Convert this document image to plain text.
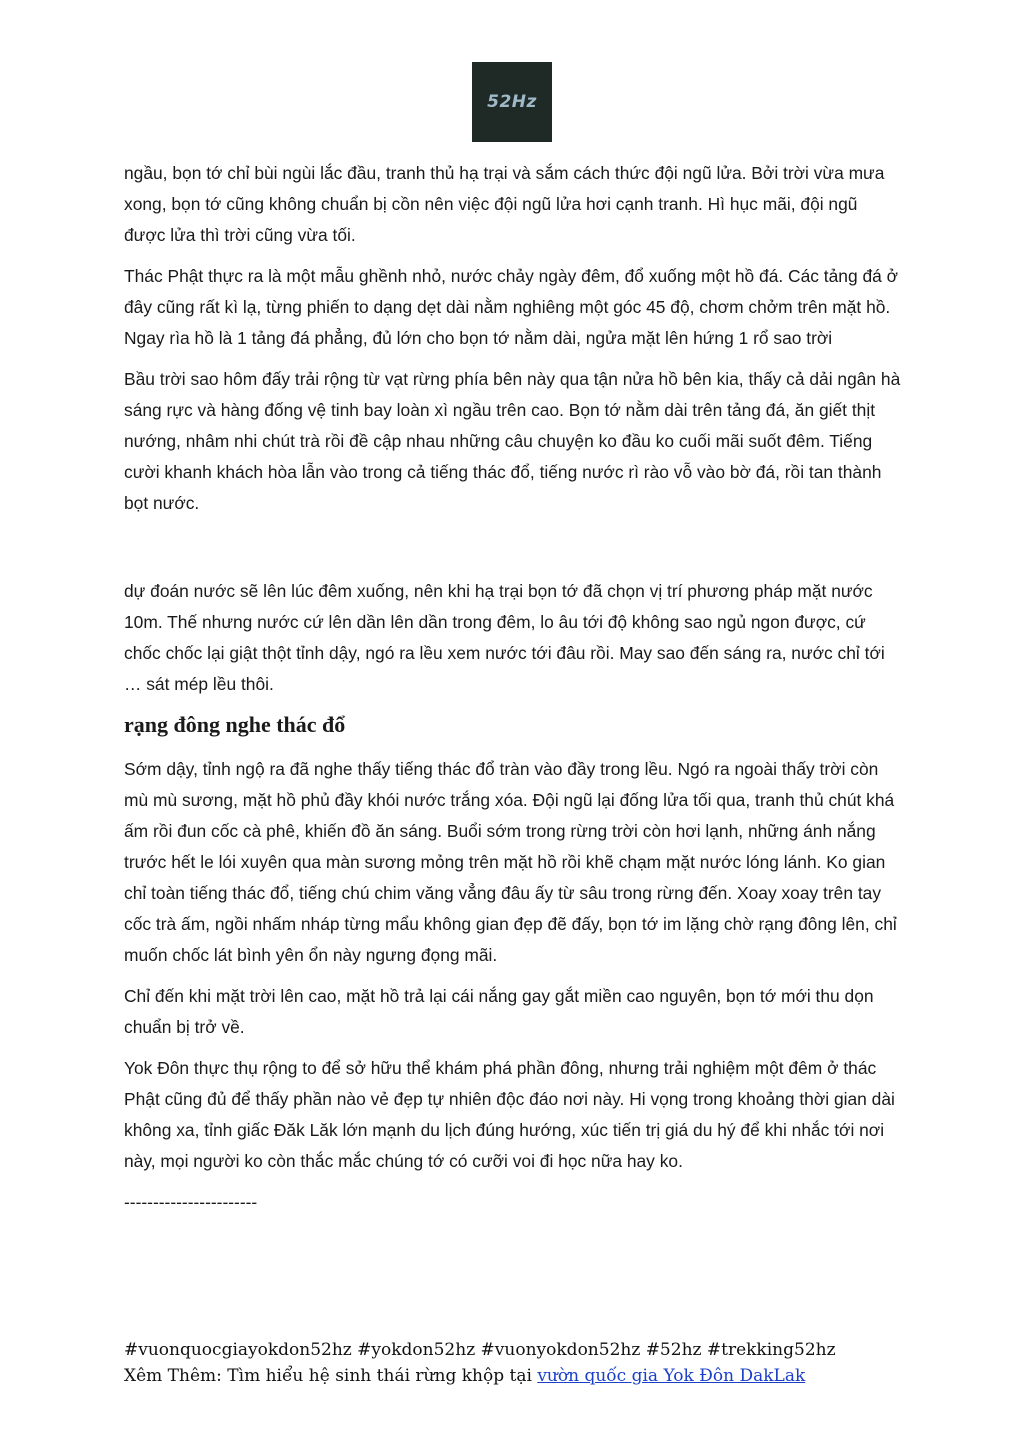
52Hz

ngầu, bọn tớ chỉ bùi ngùi lắc đầu, tranh thủ hạ trại và sắm cách thức đội ngũ lửa. Bởi trời vừa mưa xong, bọn tớ cũng không chuẩn bị cồn nên việc đội ngũ lửa hơi cạnh tranh. Hì hục mãi, đội ngũ được lửa thì trời cũng vừa tối.

Thác Phật thực ra là một mẫu ghềnh nhỏ, nước chảy ngày đêm, đổ xuống một hồ đá. Các tảng đá ở đây cũng rất kì lạ, từng phiến to dạng dẹt dài nằm nghiêng một góc 45 độ, chơm chởm trên mặt hồ. Ngay rìa hồ là 1 tảng đá phẳng, đủ lớn cho bọn tớ nằm dài, ngửa mặt lên hứng 1 rổ sao trời

Bầu trời sao hôm đấy trải rộng từ vạt rừng phía bên này qua tận nửa hồ bên kia, thấy cả dải ngân hà sáng rực và hàng đống vệ tinh bay loàn xì ngầu trên cao. Bọn tớ nằm dài trên tảng đá, ăn giết thịt nướng, nhâm nhi chút trà rồi đề cập nhau những câu chuyện ko đầu ko cuối mãi suốt đêm. Tiếng cười khanh khách hòa lẫn vào trong cả tiếng thác đổ, tiếng nước rì rào vỗ vào bờ đá, rồi tan thành bọt nước.

dự đoán nước sẽ lên lúc đêm xuống, nên khi hạ trại bọn tớ đã chọn vị trí phương pháp mặt nước 10m. Thế nhưng nước cứ lên dần lên dần trong đêm, lo âu tới độ không sao ngủ ngon được, cứ chốc chốc lại giật thột tỉnh dậy, ngó ra lều xem nước tới đâu rồi. May sao đến sáng ra, nước chỉ tới … sát mép lều thôi.

rạng đông nghe thác đổ

Sớm dậy, tỉnh ngộ ra đã nghe thấy tiếng thác đổ tràn vào đầy trong lều. Ngó ra ngoài thấy trời còn mù mù sương, mặt hồ phủ đầy khói nước trắng xóa. Đội ngũ lại đống lửa tối qua, tranh thủ chút khá ấm rồi đun cốc cà phê, khiến đồ ăn sáng. Buổi sớm trong rừng trời còn hơi lạnh, những ánh nắng trước hết le lói xuyên qua màn sương mỏng trên mặt hồ rồi khẽ chạm mặt nước lóng lánh. Ko gian chỉ toàn tiếng thác đổ, tiếng chú chim văng vẳng đâu ấy từ sâu trong rừng đến. Xoay xoay trên tay cốc trà ấm, ngồi nhấm nháp từng mẩu không gian đẹp đẽ đấy, bọn tớ im lặng chờ rạng đông lên, chỉ muốn chốc lát bình yên ổn này ngưng đọng mãi.

Chỉ đến khi mặt trời lên cao, mặt hồ trả lại cái nắng gay gắt miền cao nguyên, bọn tớ mới thu dọn chuẩn bị trở về.

Yok Đôn thực thụ rộng to để sở hữu thể khám phá phần đông, nhưng trải nghiệm một đêm ở thác Phật cũng đủ để thấy phần nào vẻ đẹp tự nhiên độc đáo nơi này. Hi vọng trong khoảng thời gian dài không xa, tỉnh giấc Đăk Lăk lớn mạnh du lịch đúng hướng, xúc tiến trị giá du hý để khi nhắc tới nơi này, mọi người ko còn thắc mắc chúng tớ có cưỡi voi đi học nữa hay ko.

-----------------------

#vuonquocgiayokdon52hz #yokdon52hz #vuonyokdon52hz #52hz #trekking52hz
Xêm Thêm: Tìm hiểu hệ sinh thái rừng khộp tại vườn quốc gia Yok Đôn DakLak
